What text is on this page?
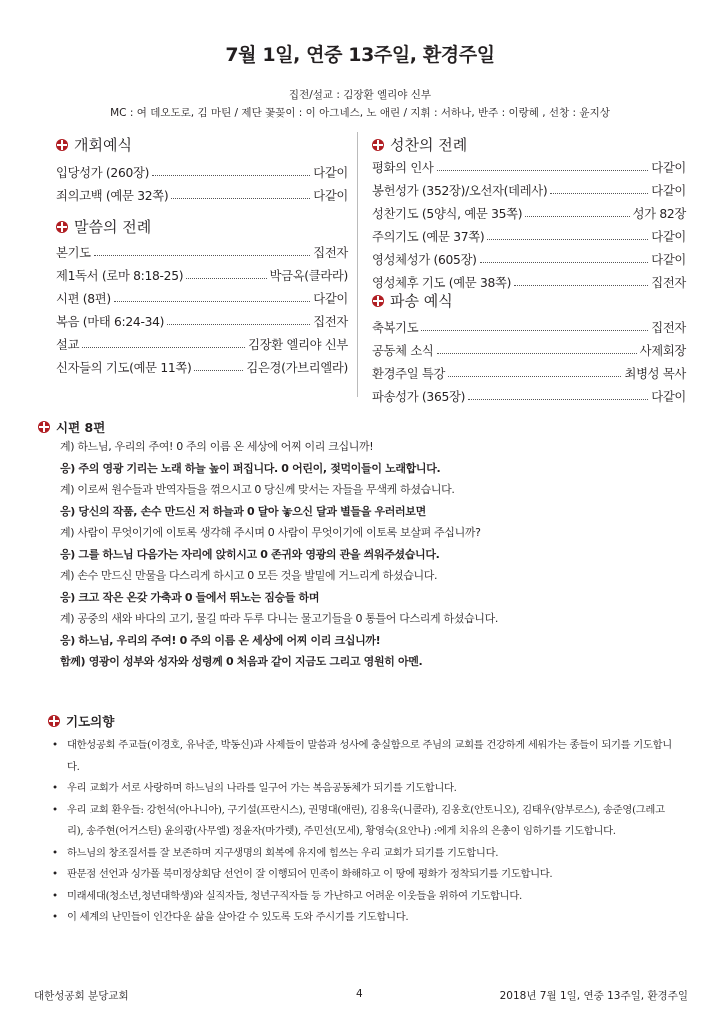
7월 1일, 연중 13주일, 환경주일
집전/설교 : 김장환 엘리야 신부
MC : 여 데오도로, 김 마틴 / 제단 꽃꽂이 : 이 아그네스, 노 애린 / 지휘 : 서하나, 반주 : 이랑혜 , 선창 : 윤지상
개회예식
입당성가 (260장)	다같이
죄의고백 (예문 32쪽)	다같이
말씀의 전례
본기도	집전자
제1독서 (로마 8:18-25)	박금옥(클라라)
시편 (8편)	다같이
복음 (마태 6:24-34)	집전자
설교	김장환 엘리야 신부
신자들의 기도(예문 11쪽)	김은경(가브리엘라)
성찬의 전례
평화의 인사	다같이
봉헌성가 (352장)/오선자(데레사)	다같이
성찬기도 (5양식, 예문 35쪽)	성가 82장
주의기도 (예문 37쪽)	다같이
영성체성가 (605장)	다같이
영성체후 기도 (예문 38쪽)	집전자
파송 예식
축복기도	집전자
공동체 소식	사제회장
환경주일 특강	최병성 목사
파송성가 (365장)	다같이
시편 8편
계) 하느님, 우리의 주여! 0 주의 이름 온 세상에 어찌 이리 크십니까!
응) 주의 영광 기리는 노래 하늘 높이 퍼집니다. 0 어린이, 젖먹이들이 노래합니다.
계) 이로써 원수들과 반역자들을 꺾으시고 0 당신께 맞서는 자들을 무색케 하셨습니다.
응) 당신의 작품, 손수 만드신 저 하늘과 0 달아 놓으신 달과 별들을 우러러보면
계) 사람이 무엇이기에 이토록 생각해 주시며 0 사람이 무엇이기에 이토록 보살펴 주십니까?
응) 그를 하느님 다음가는 자리에 앉히시고 0 존귀와 영광의 관을 씌워주셨습니다.
계) 손수 만드신 만물을 다스리게 하시고 0 모든 것을 발밑에 거느리게 하셨습니다.
응) 크고 작은 온갖 가축과 0 들에서 뛰노는 짐승들 하며
계) 공중의 새와 바다의 고기, 물길 따라 두루 다니는 물고기들을 0 통틀어 다스리게 하셨습니다.
응) 하느님, 우리의 주여! 0 주의 이름 온 세상에 어찌 이리 크십니까!
함께) 영광이 성부와 성자와 성령께 0 처음과 같이 지금도 그리고 영원히 아멘.
기도의향
• 대한성공회 주교들(이경호, 유낙준, 박동신)과 사제들이 말씀과 성사에 충실함으로 주님의 교회를 건강하게 세워가는 종들이 되기를 기도합니다.
• 우리 교회가 서로 사랑하며 하느님의 나라를 일구어 가는 복음공동체가 되기를 기도합니다.
• 우리 교회 환우들: 강헌석(아나니아), 구기설(프란시스), 권명대(애린), 김용욱(니콜라), 김옹호(안토니오), 김태우(암부로스), 송준영(그레고리), 송주현(어거스틴) 윤의광(사무엘) 정윤자(마가렛), 주민선(모세), 황영숙(요안나) :에게 치유의 은총이 임하기를 기도합니다.
• 하느님의 창조질서를 잘 보존하며 지구생명의 회복에 유지에 힘쓰는 우리 교회가 되기를 기도합니다.
• 판문점 선언과 싱가폴 북미정상회담 선언이 잘 이행되어 민족이 화해하고 이 땅에 평화가 정착되기를 기도합니다.
• 미래세대(청소년,청년대학생)와 실직자들, 청년구직자들 등 가난하고 어려운 이웃들을 위하여 기도합니다.
• 이 세계의 난민들이 인간다운 삶을 살아갈 수 있도록 도와 주시기를 기도합니다.
대한성공회 분당교회	4	2018년 7월 1일, 연중 13주일, 환경주일
